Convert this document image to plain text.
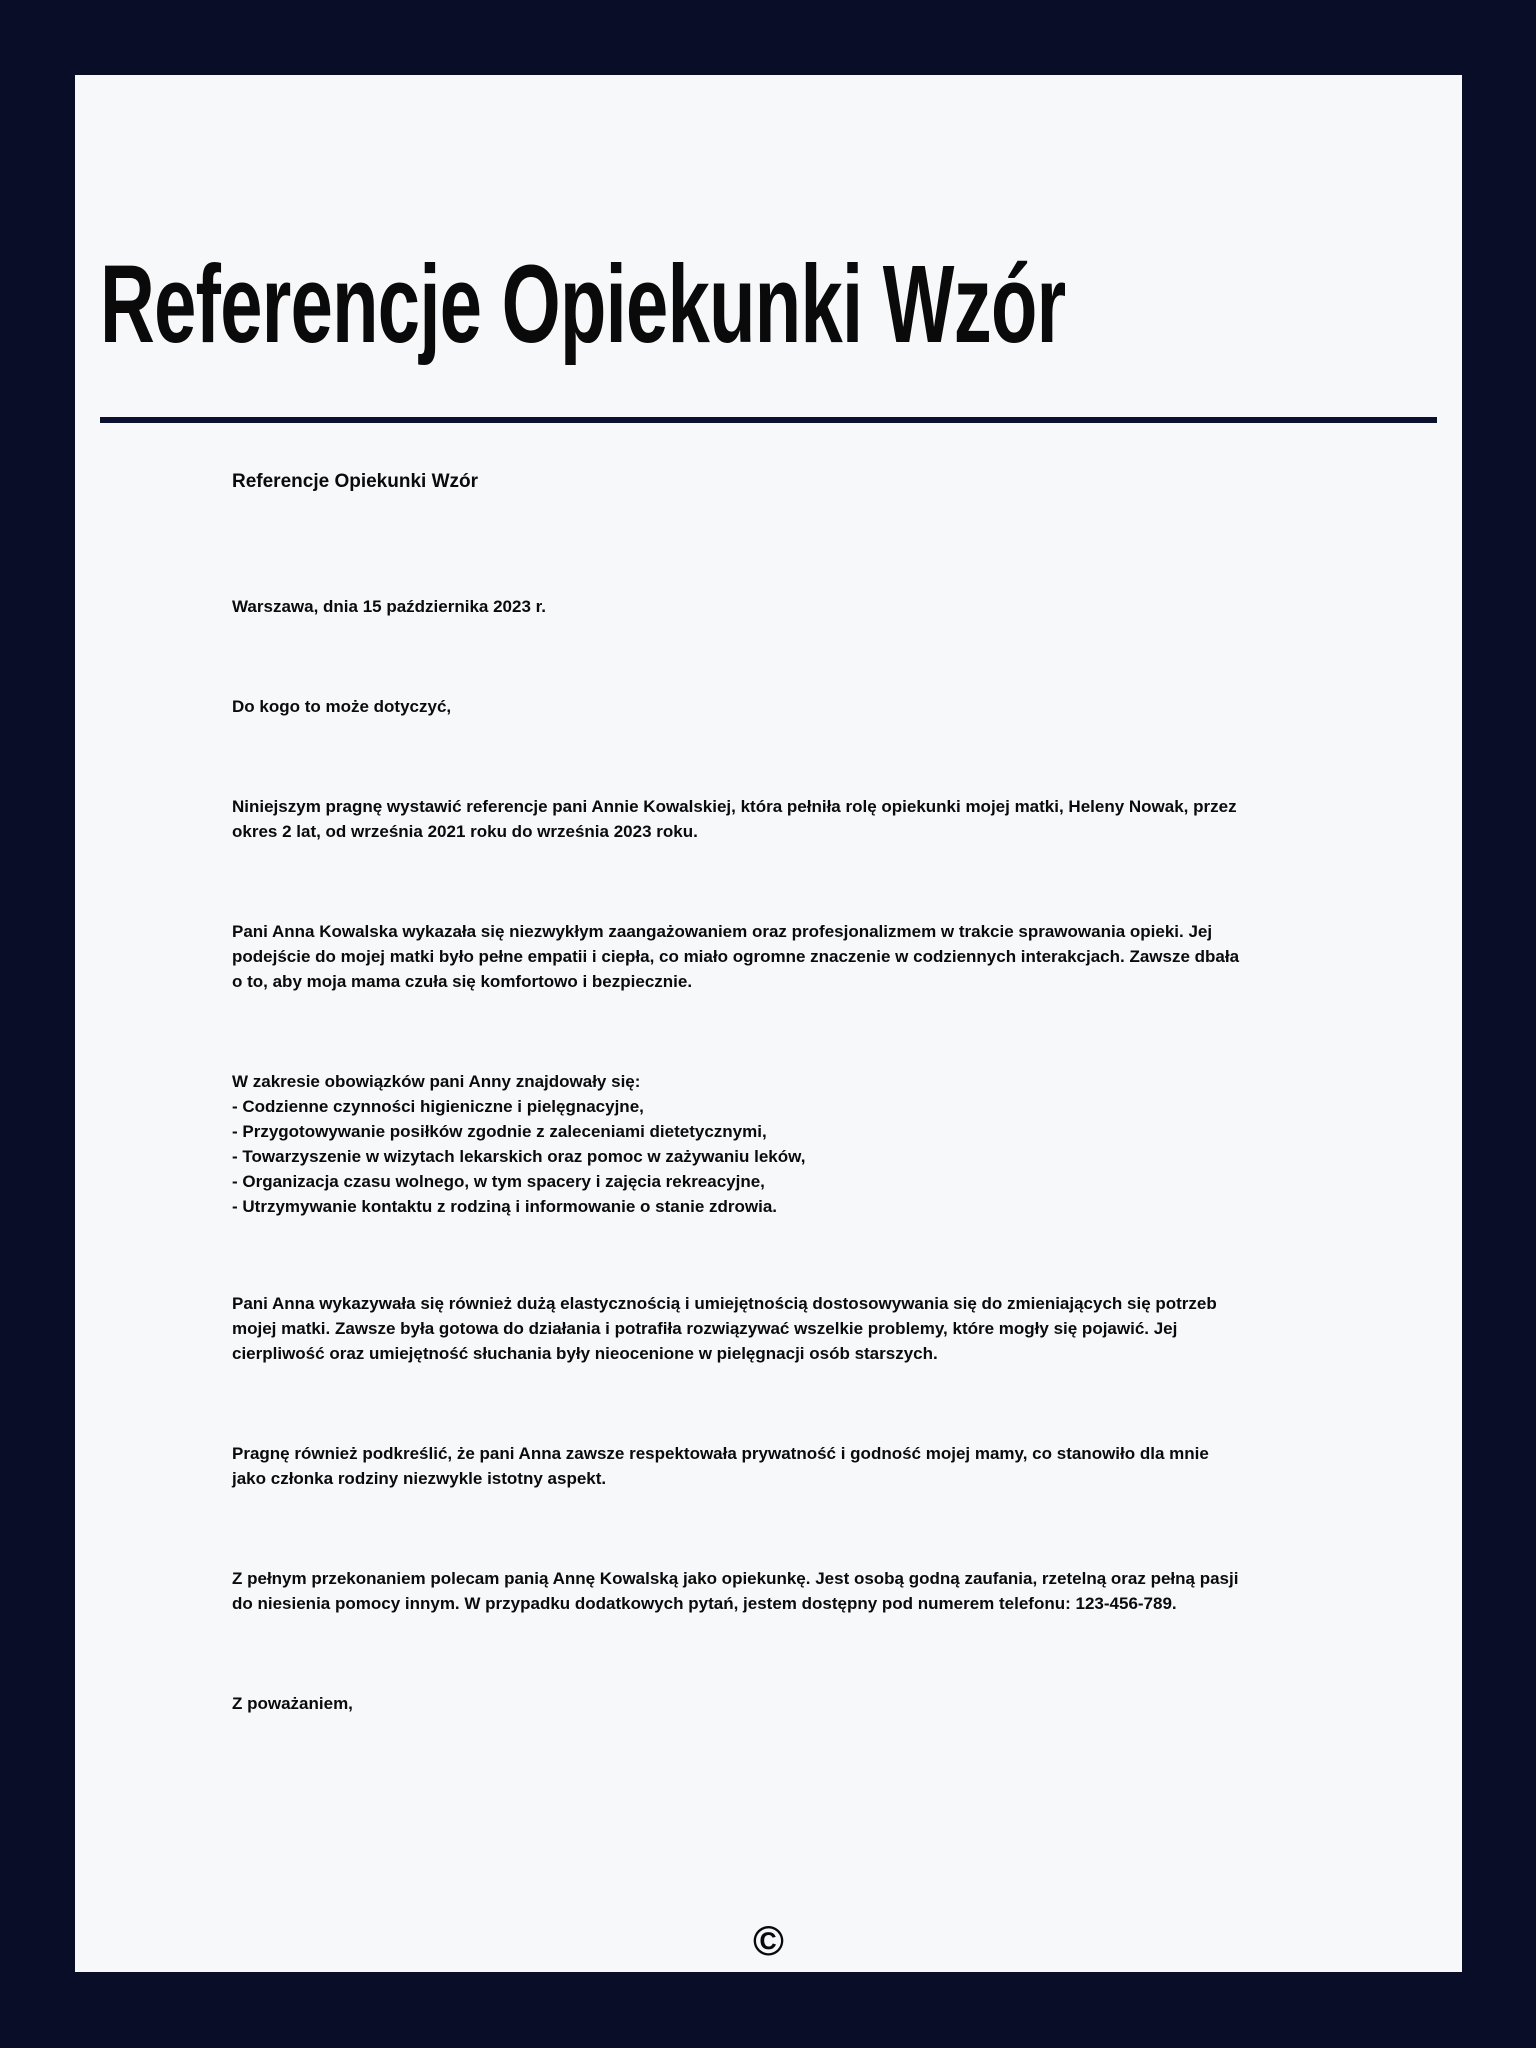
Referencje Opiekunki Wzór
Referencje Opiekunki Wzór

Warszawa, dnia 15 października 2023 r.

Do kogo to może dotyczyć,

Niniejszym pragnę wystawić referencje pani Annie Kowalskiej, która pełniła rolę opiekunki mojej matki, Heleny Nowak, przez okres 2 lat, od września 2021 roku do września 2023 roku.

Pani Anna Kowalska wykazała się niezwykłym zaangażowaniem oraz profesjonalizmem w trakcie sprawowania opieki. Jej podejście do mojej matki było pełne empatii i ciepła, co miało ogromne znaczenie w codziennych interakcjach. Zawsze dbała o to, aby moja mama czuła się komfortowo i bezpiecznie.

W zakresie obowiązków pani Anny znajdowały się:
- Codzienne czynności higieniczne i pielęgnacyjne,
- Przygotowywanie posiłków zgodnie z zaleceniami dietetycznymi,
- Towarzyszenie w wizytach lekarskich oraz pomoc w zażywaniu leków,
- Organizacja czasu wolnego, w tym spacery i zajęcia rekreacyjne,
- Utrzymywanie kontaktu z rodziną i informowanie o stanie zdrowia.

Pani Anna wykazywała się również dużą elastycznością i umiejętnością dostosowywania się do zmieniających się potrzeb mojej matki. Zawsze była gotowa do działania i potrafiła rozwiązywać wszelkie problemy, które mogły się pojawić. Jej cierpliwość oraz umiejętność słuchania były nieocenione w pielęgnacji osób starszych.

Pragnę również podkreślić, że pani Anna zawsze respektowała prywatność i godność mojej mamy, co stanowiło dla mnie jako członka rodziny niezwykle istotny aspekt.

Z pełnym przekonaniem polecam panią Annę Kowalską jako opiekunkę. Jest osobą godną zaufania, rzetelną oraz pełną pasji do niesienia pomocy innym. W przypadku dodatkowych pytań, jestem dostępny pod numerem telefonu: 123-456-789.

Z poważaniem,

©
